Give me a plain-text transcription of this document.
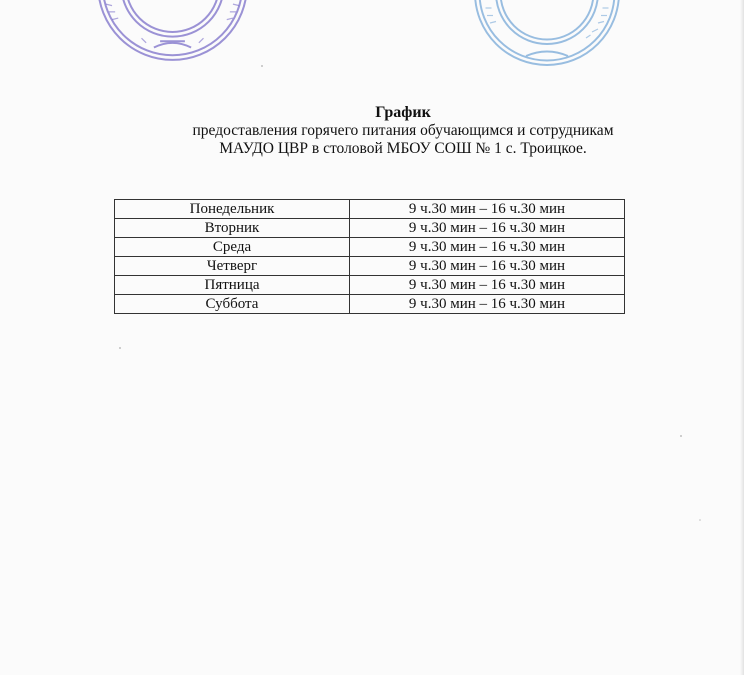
График
предоставления горячего питания обучающимся и сотрудникам
МАУДО ЦВР в столовой МБОУ СОШ № 1 с. Троицкое.
Понедельник	9 ч.30 мин – 16 ч.30 мин
Вторник	9 ч.30 мин – 16 ч.30 мин
Среда	9 ч.30 мин – 16 ч.30 мин
Четверг	9 ч.30 мин – 16 ч.30 мин
Пятница	9 ч.30 мин – 16 ч.30 мин
Суббота	9 ч.30 мин – 16 ч.30 мин
